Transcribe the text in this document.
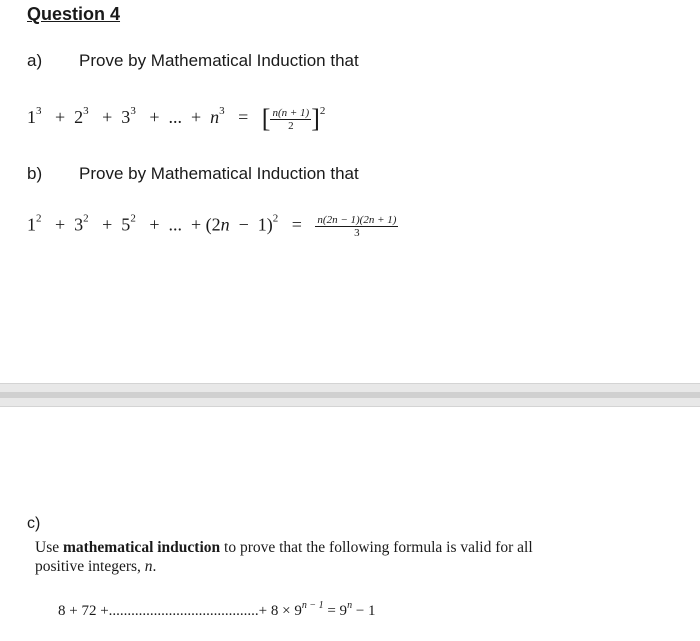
Question 4
a) Prove by Mathematical Induction that
$1^3 + 2^3 + 3^3$   +  ...  +  $n^3$   =   [ $\frac{n(n + 1)}{2} ]^2$
b) Prove by Mathematical Induction that
$1^2 + 3^2 + 5^2$   +  ...  + $(2n - 1)^2 = \frac{n(2n - 1)(2n + 1)}{3}$
c)
Use mathematical induction to prove that the following formula is valid for all
positive integers, n.
8 + 72 +........................................+ $8 \times 9^{n - 1} = 9^n - 1$
